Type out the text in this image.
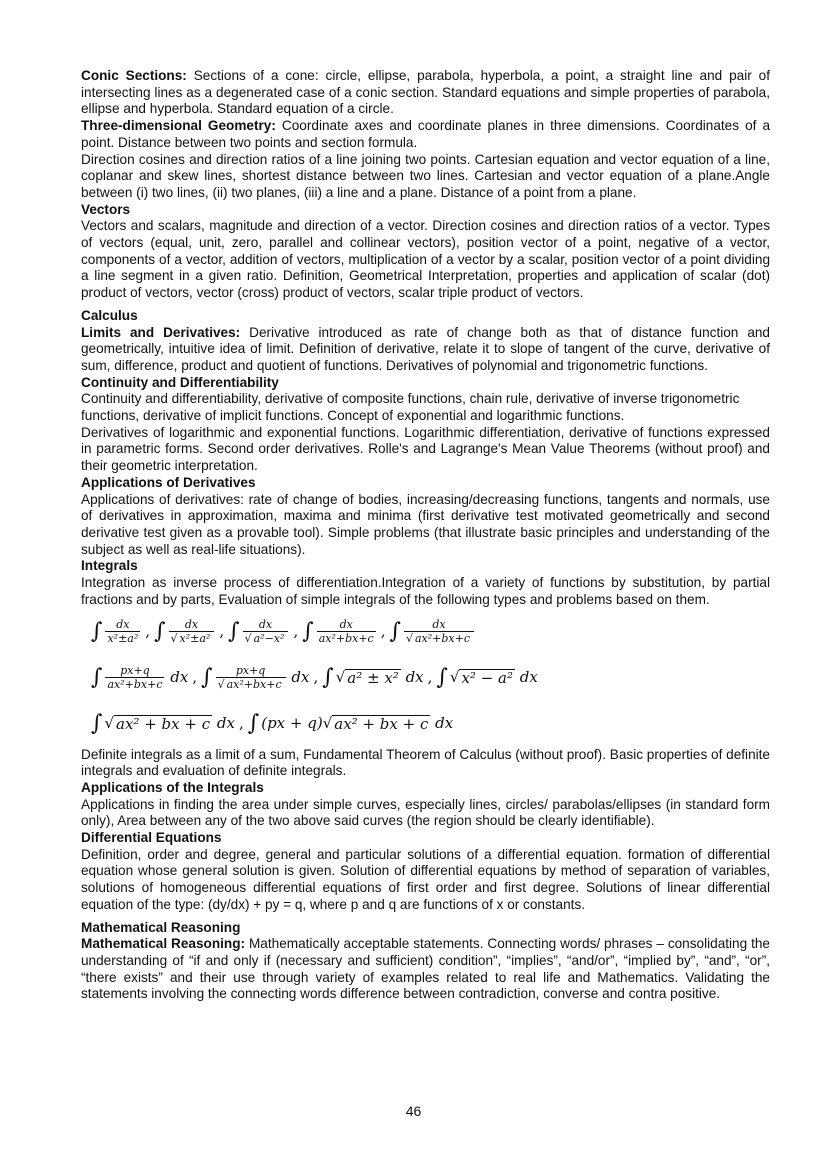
Conic Sections: Sections of a cone: circle, ellipse, parabola, hyperbola, a point, a straight line and pair of intersecting lines as a degenerated case of a conic section. Standard equations and simple properties of parabola, ellipse and hyperbola. Standard equation of a circle.

Three-dimensional Geometry: Coordinate axes and coordinate planes in three dimensions. Coordinates of a point. Distance between two points and section formula.

Direction cosines and direction ratios of a line joining two points. Cartesian equation and vector equation of a line, coplanar and skew lines, shortest distance between two lines. Cartesian and vector equation of a plane.Angle between (i) two lines, (ii) two planes, (iii) a line and a plane. Distance of a point from a plane.

Vectors

Vectors and scalars, magnitude and direction of a vector. Direction cosines and direction ratios of a vector. Types of vectors (equal, unit, zero, parallel and collinear vectors), position vector of a point, negative of a vector, components of a vector, addition of vectors, multiplication of a vector by a scalar, position vector of a point dividing a line segment in a given ratio. Definition, Geometrical Interpretation, properties and application of scalar (dot) product of vectors, vector (cross) product of vectors, scalar triple product of vectors.

Calculus

Limits and Derivatives: Derivative introduced as rate of change both as that of distance function and geometrically, intuitive idea of limit. Definition of derivative, relate it to slope of tangent of the curve, derivative of sum, difference, product and quotient of functions. Derivatives of polynomial and trigonometric functions.

Continuity and Differentiability

Continuity and differentiability, derivative of composite functions, chain rule, derivative of inverse trigonometric functions, derivative of implicit functions. Concept of exponential and logarithmic functions.

Derivatives of logarithmic and exponential functions. Logarithmic differentiation, derivative of functions expressed in parametric forms. Second order derivatives. Rolle's and Lagrange's Mean Value Theorems (without proof) and their geometric interpretation.

Applications of Derivatives

Applications of derivatives: rate of change of bodies, increasing/decreasing functions, tangents and normals, use of derivatives in approximation, maxima and minima (first derivative test motivated geometrically and second derivative test given as a provable tool). Simple problems (that illustrate basic principles and understanding of the subject as well as real-life situations).

Integrals

Integration as inverse process of differentiation.Integration of a variety of functions by substitution, by partial fractions and by parts, Evaluation of simple integrals of the following types and problems based on them.

∫ $\frac{dx}{\text{x²±a²}}$ , ∫ $\frac{dx}{\text{√ x²±a²}}$ , ∫ $\frac{dx}{\text{√ a²−x²}}$ , ∫ $\frac{dx}{\text{ax²+bx+c}}$ , ∫ $\frac{dx}{\text{√ ax²+bx+c}}$
∫ $\frac{px+q}{\text{ax²+bx+c}}$ dx , ∫ $\frac{px+q}{\text{√ ax²+bx+c}}$ dx , ∫ √ a² ± x² dx , ∫ √ x² − a² dx
∫ √ ax² + bx + c dx , ∫ (px + q) √ ax² + bx + c dx

Definite integrals as a limit of a sum, Fundamental Theorem of Calculus (without proof). Basic properties of definite integrals and evaluation of definite integrals.

Applications of the Integrals

Applications in finding the area under simple curves, especially lines, circles/ parabolas/ellipses (in standard form only), Area between any of the two above said curves (the region should be clearly identifiable).

Differential Equations

Definition, order and degree, general and particular solutions of a differential equation. formation of differential equation whose general solution is given. Solution of differential equations by method of separation of variables, solutions of homogeneous differential equations of first order and first degree. Solutions of linear differential equation of the type: (dy/dx) + py = q, where p and q are functions of x or constants.

Mathematical Reasoning

Mathematical Reasoning: Mathematically acceptable statements. Connecting words/ phrases – consolidating the understanding of “if and only if (necessary and sufficient) condition”, “implies”, “and/or”, “implied by”, “and”, “or”, “there exists” and their use through variety of examples related to real life and Mathematics. Validating the statements involving the connecting words difference between contradiction, converse and contra positive.

46
